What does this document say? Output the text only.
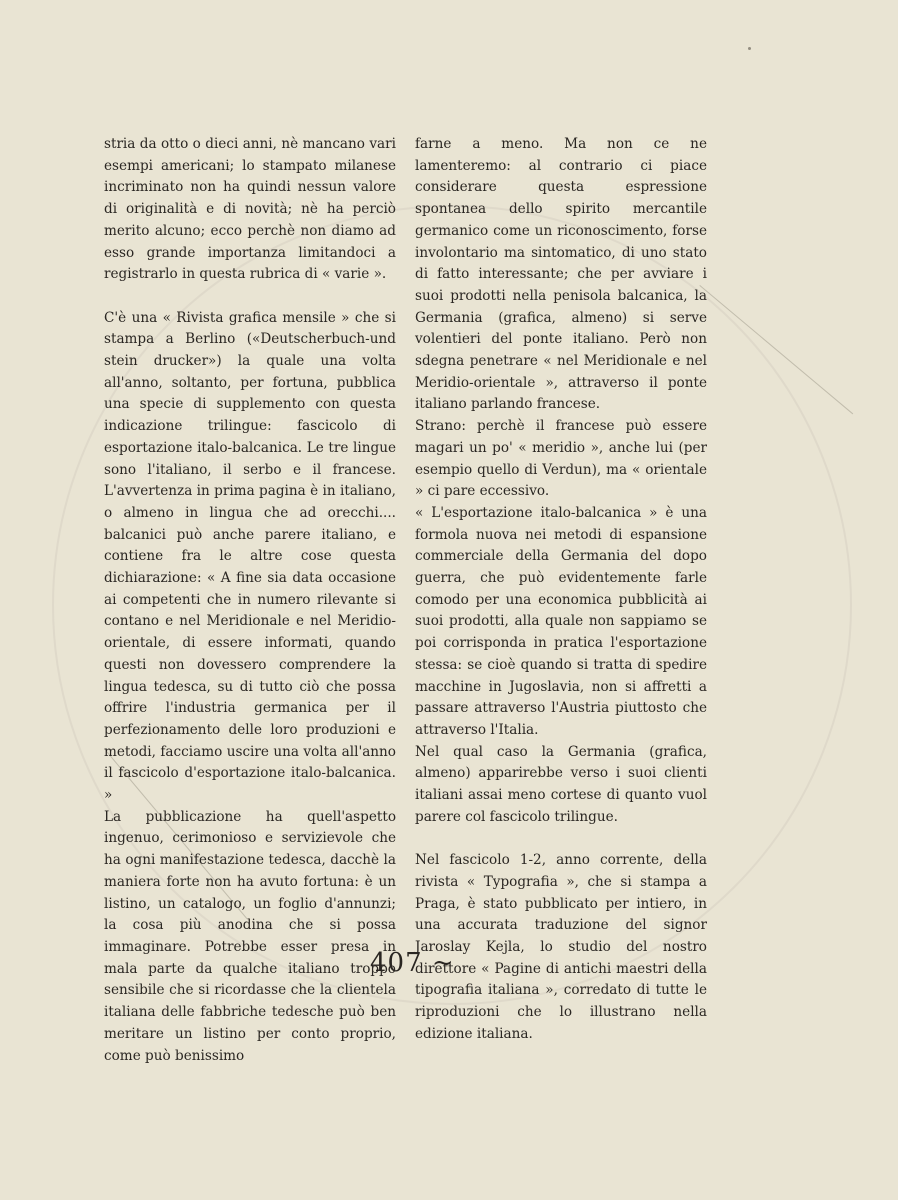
stria da otto o dieci anni, nè mancano vari esempi americani; lo stampato milanese incriminato non ha quindi nessun valore di originalità e di novità; nè ha perciò merito alcuno; ecco perchè non diamo ad esso grande importanza limitandoci a registrarlo in questa rubrica di « varie ».

C'è una « Rivista grafica mensile » che si stampa a Berlino («Deutscherbuch-und stein drucker») la quale una volta all'anno, soltanto, per fortuna, pubblica una specie di supplemento con questa indicazione trilingue: fascicolo di esportazione italo-balcanica. Le tre lingue sono l'italiano, il serbo e il francese. L'avvertenza in prima pagina è in italiano, o almeno in lingua che ad orecchi.... balcanici può anche parere italiano, e contiene fra le altre cose questa dichiarazione: « A fine sia data occasione ai competenti che in numero rilevante si contano e nel Meridionale e nel Meridio-orientale, di essere informati, quando questi non dovessero comprendere la lingua tedesca, su di tutto ciò che possa offrire l'industria germanica per il perfezionamento delle loro produzioni e metodi, facciamo uscire una volta all'anno il fascicolo d'esportazione italo-balcanica. »

La pubblicazione ha quell'aspetto ingenuo, cerimonioso e servizievole che ha ogni manifestazione tedesca, dacchè la maniera forte non ha avuto fortuna: è un listino, un catalogo, un foglio d'annunzi; la cosa più anodina che si possa immaginare. Potrebbe esser presa in mala parte da qualche italiano troppo sensibile che si ricordasse che la clientela italiana delle fabbriche tedesche può ben meritare un listino per conto proprio, come può benissimo

farne a meno. Ma non ce ne lamenteremo: al contrario ci piace considerare questa espressione spontanea dello spirito mercantile germanico come un riconoscimento, forse involontario ma sintomatico, di uno stato di fatto interessante; che per avviare i suoi prodotti nella penisola balcanica, la Germania (grafica, almeno) si serve volentieri del ponte italiano. Però non sdegna penetrare « nel Meridionale e nel Meridio-orientale », attraverso il ponte italiano parlando francese.

Strano: perchè il francese può essere magari un po' « meridio », anche lui (per esempio quello di Verdun), ma « orientale » ci pare eccessivo.

« L'esportazione italo-balcanica » è una formola nuova nei metodi di espansione commerciale della Germania del dopo guerra, che può evidentemente farle comodo per una economica pubblicità ai suoi prodotti, alla quale non sappiamo se poi corrisponda in pratica l'esportazione stessa: se cioè quando si tratta di spedire macchine in Jugoslavia, non si affretti a passare attraverso l'Austria piuttosto che attraverso l'Italia.

Nel qual caso la Germania (grafica, almeno) apparirebbe verso i suoi clienti italiani assai meno cortese di quanto vuol parere col fascicolo trilingue.

Nel fascicolo 1-2, anno corrente, della rivista « Typografia », che si stampa a Praga, è stato pubblicato per intiero, in una accurata traduzione del signor Jaroslay Kejla, lo studio del nostro direttore « Pagine di antichi maestri della tipografia italiana », corredato di tutte le riproduzioni che lo illustrano nella edizione italiana.

407 ~
